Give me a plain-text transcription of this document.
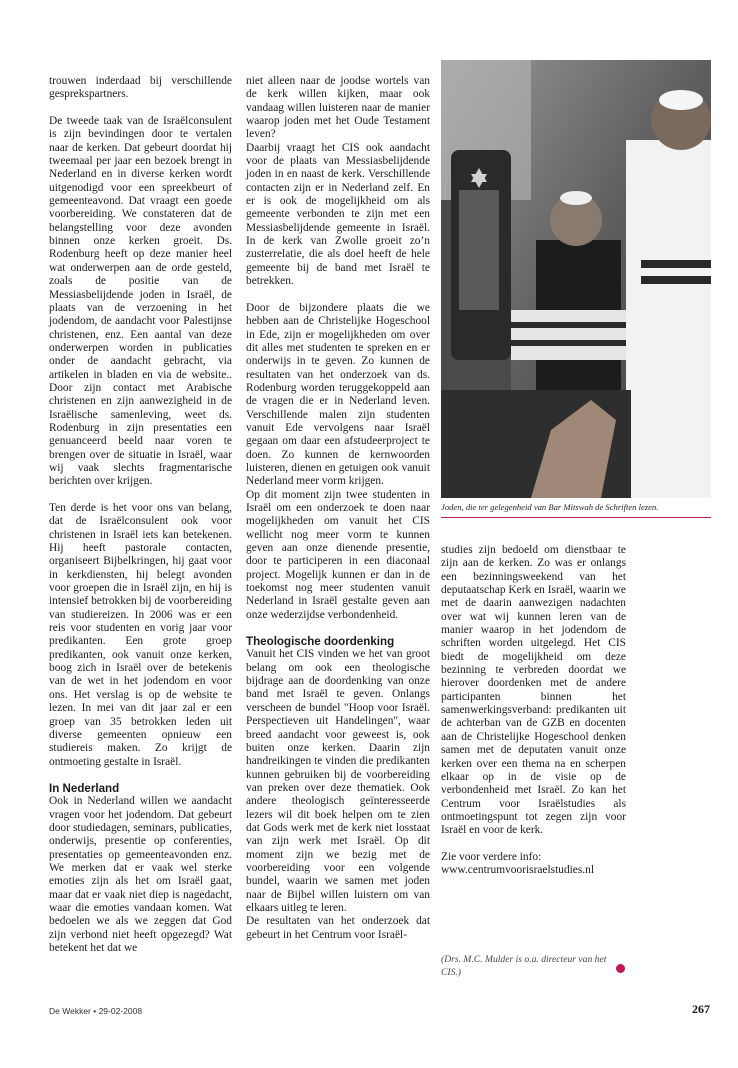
trouwen inderdaad bij verschillende gesprekspartners.

De tweede taak van de Israëlconsulent is zijn bevindingen door te vertalen naar de kerken. Dat gebeurt doordat hij tweemaal per jaar een bezoek brengt in Nederland en in diverse kerken wordt uitgenodigd voor een spreekbeurt of gemeenteavond. Dat vraagt een goede voorbereiding. We constateren dat de belangstelling voor deze avonden binnen onze kerken groeit. Ds. Rodenburg heeft op deze manier heel wat onderwerpen aan de orde gesteld, zoals de positie van de Messiasbelijdende joden in Israël, de plaats van de verzoening in het jodendom, de aandacht voor Palestijnse christenen, enz. Een aantal van deze onderwerpen worden in publicaties onder de aandacht gebracht, via artikelen in bladen en via de website.. Door zijn contact met Arabische christenen en zijn aanwezigheid in de Israëlische samenleving, weet ds. Rodenburg in zijn presentaties een genuanceerd beeld naar voren te brengen over de situatie in Israël, waar wij vaak slechts fragmentarische berichten over krijgen.

Ten derde is het voor ons van belang, dat de Israëlconsulent ook voor christenen in Israël iets kan betekenen. Hij heeft pastorale contacten, organiseert Bijbelkringen, hij gaat voor in kerkdiensten, hij belegt avonden voor groepen die in Israël zijn, en hij is intensief betrokken bij de voorbereiding van studiereizen. In 2006 was er een reis voor studenten en vorig jaar voor predikanten. Een grote groep predikanten, ook vanuit onze kerken, boog zich in Israël over de betekenis van de wet in het jodendom en voor ons. Het verslag is op de website te lezen. In mei van dit jaar zal er een groep van 35 betrokken leden uit diverse gemeenten opnieuw een studiereis maken. Zo krijgt de ontmoeting gestalte in Israël.

In Nederland

Ook in Nederland willen we aandacht vragen voor het jodendom. Dat gebeurt door studiedagen, seminars, publicaties, onderwijs, presentie op conferenties, presentaties op gemeenteavonden enz. We merken dat er vaak wel sterke emoties zijn als het om Israël gaat, maar dat er vaak niet diep is nagedacht, waar die emoties vandaan komen. Wat bedoelen we als we zeggen dat God zijn verbond niet heeft opgezegd? Wat betekent het dat we

niet alleen naar de joodse wortels van de kerk willen kijken, maar ook vandaag willen luisteren naar de manier waarop joden met het Oude Testament leven?

Daarbij vraagt het CIS ook aandacht voor de plaats van Messiasbelijdende joden in en naast de kerk. Verschillende contacten zijn er in Nederland zelf. En er is ook de mogelijkheid om als gemeente verbonden te zijn met een Messiasbelijdende gemeente in Israël. In de kerk van Zwolle groeit zo’n zusterrelatie, die als doel heeft de hele gemeente bij de band met Israël te betrekken.

Door de bijzondere plaats die we hebben aan de Christelijke Hogeschool in Ede, zijn er mogelijkheden om over dit alles met studenten te spreken en er onderwijs in te geven. Zo kunnen de resultaten van het onderzoek van ds. Rodenburg worden teruggekoppeld aan de vragen die er in Nederland leven. Verschillende malen zijn studenten vanuit Ede vervolgens naar Israël gegaan om daar een afstudeerproject te doen. Zo kunnen de kernwoorden luisteren, dienen en getuigen ook vanuit Nederland meer vorm krijgen.

Op dit moment zijn twee studenten in Israël om een onderzoek te doen naar mogelijkheden om vanuit het CIS wellicht nog meer vorm te kunnen geven aan onze dienende presentie, door te participeren in een diaconaal project. Mogelijk kunnen er dan in de toekomst nog meer studenten vanuit Nederland in Israël gestalte geven aan onze wederzijdse verbondenheid.

Theologische doordenking

Vanuit het CIS vinden we het van groot belang om ook een theologische bijdrage aan de doordenking van onze band met Israël te geven. Onlangs verscheen de bundel "Hoop voor Israël. Perspectieven uit Handelingen", waar breed aandacht voor geweest is, ook buiten onze kerken. Daarin zijn handreikingen te vinden die predikanten kunnen gebruiken bij de voorbereiding van preken over deze thematiek. Ook andere theologisch geïnteresseerde lezers wil dit boek helpen om te zien dat Gods werk met de kerk niet losstaat van zijn werk met Israël. Op dit moment zijn we bezig met de voorbereiding voor een volgende bundel, waarin we samen met joden naar de Bijbel willen luistern om van elkaars uitleg te leren.

De resultaten van het onderzoek dat gebeurt in het Centrum voor Israël-

Joden, die ter gelegenheid van Bar Mitswah de Schriften lezen.

studies zijn bedoeld om dienstbaar te zijn aan de kerken. Zo was er onlangs een bezinningsweekend van het deputaatschap Kerk en Israël, waarin we met de daarin aanwezigen nadachten over wat wij kunnen leren van de manier waarop in het jodendom de schriften worden uitgelegd. Het CIS biedt de mogelijkheid om deze bezinning te verbreden doordat we hierover doordenken met de andere participanten binnen het samenwerkingsverband: predikanten uit de achterban van de GZB en docenten aan de Christelijke Hogeschool denken samen met de deputaten vanuit onze kerken over een thema na en scherpen elkaar op in de visie op de verbondenheid met Israël. Zo kan het Centrum voor Israëlstudies als ontmoetingspunt tot zegen zijn voor Israël en voor de kerk.

Zie voor verdere info:

www.centrumvoorisraelstudies.nl

(Drs. M.C. Mulder is o.a. directeur van het CIS.)
De Wekker • 29-02-2008	267
